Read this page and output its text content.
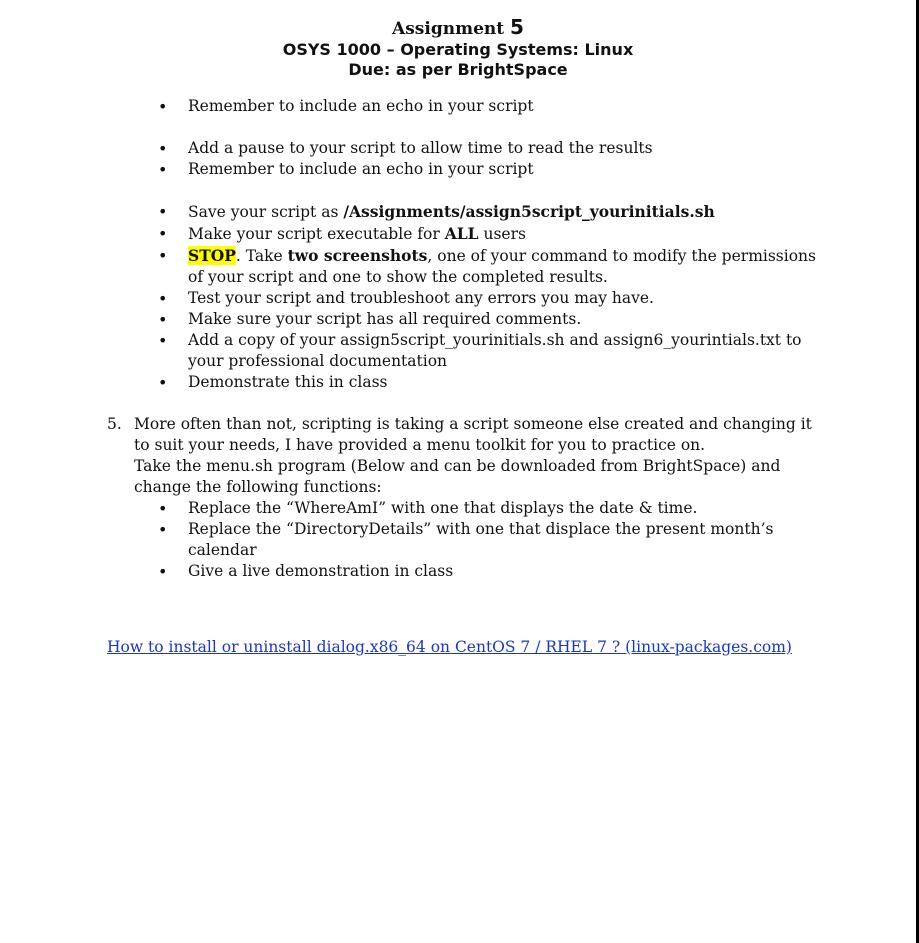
Assignment 5
OSYS 1000 – Operating Systems: Linux
Due: as per BrightSpace
• Remember to include an echo in your script
• Add a pause to your script to allow time to read the results
• Remember to include an echo in your script
• Save your script as /Assignments/assign5script_yourinitials.sh
• Make your script executable for ALL users
• STOP. Take two screenshots, one of your command to modify the permissions of your script and one to show the completed results.
• Test your script and troubleshoot any errors you may have.
• Make sure your script has all required comments.
• Add a copy of your assign5script_yourinitials.sh and assign6_yourintials.txt to your professional documentation
• Demonstrate this in class
5. More often than not, scripting is taking a script someone else created and changing it to suit your needs, I have provided a menu toolkit for you to practice on.
Take the menu.sh program (Below and can be downloaded from BrightSpace) and change the following functions:
• Replace the “WhereAmI” with one that displays the date & time.
• Replace the “DirectoryDetails” with one that displace the present month’s calendar
• Give a live demonstration in class
How to install or uninstall dialog.x86_64 on CentOS 7 / RHEL 7 ? (linux-packages.com)
